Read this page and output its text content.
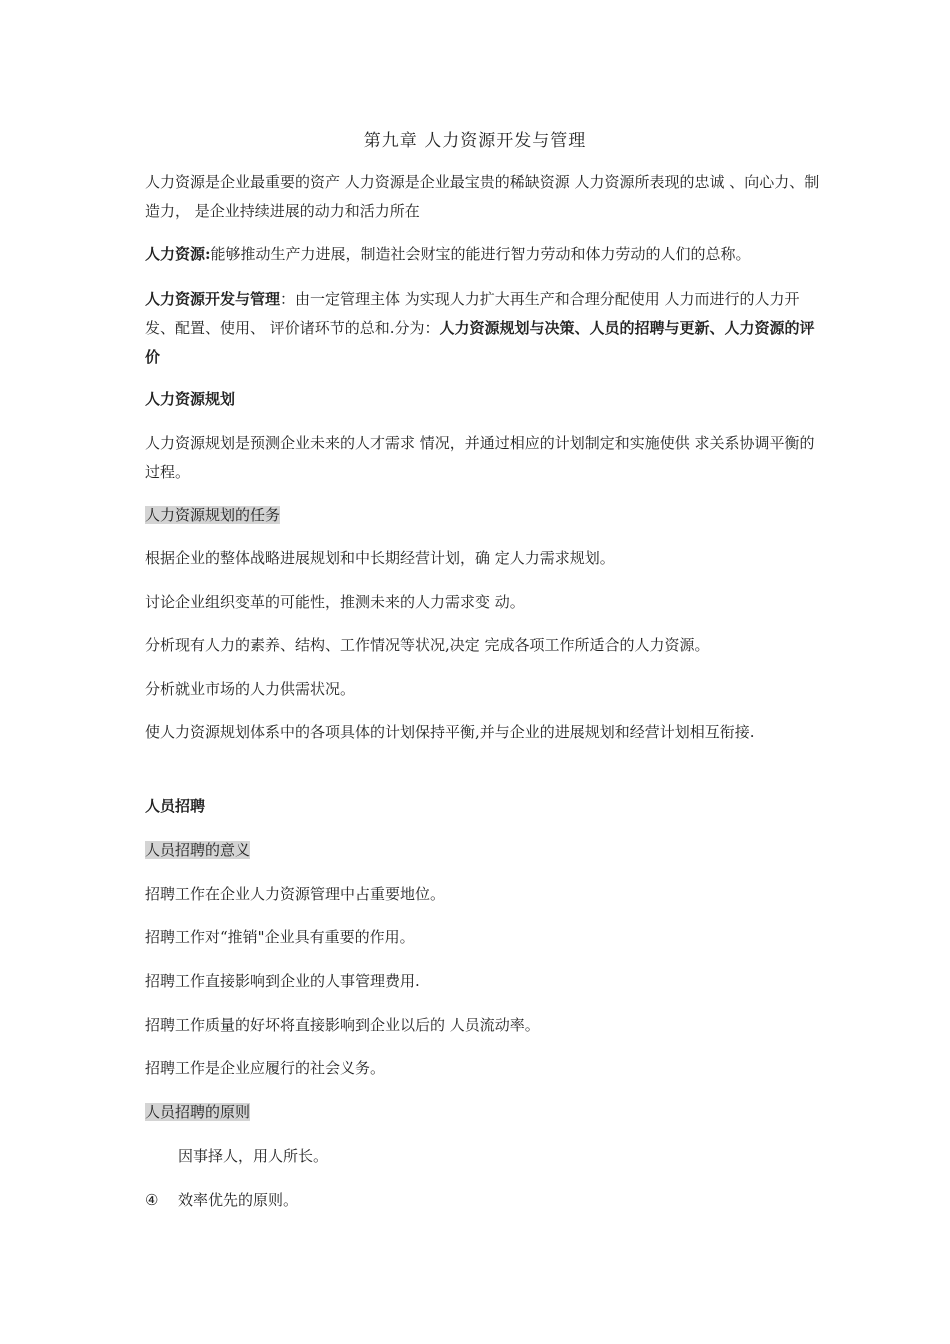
第九章 人力资源开发与管理

人力资源是企业最重要的资产 人力资源是企业最宝贵的稀缺资源 人力资源所表现的忠诚 、向心力、制造力， 是企业持续进展的动力和活力所在

人力资源:能够推动生产力进展，制造社会财宝的能进行智力劳动和体力劳动的人们的总称。

人力资源开发与管理：由一定管理主体 为实现人力扩大再生产和合理分配使用 人力而进行的人力开发、配置、使用、 评价诸环节的总和.分为：人力资源规划与决策、人员的招聘与更新、人力资源的评价

人力资源规划

人力资源规划是预测企业未来的人才需求 情况，并通过相应的计划制定和实施使供 求关系协调平衡的过程。

人力资源规划的任务

根据企业的整体战略进展规划和中长期经营计划，确 定人力需求规划。

讨论企业组织变革的可能性，推测未来的人力需求变 动。

分析现有人力的素养、结构、工作情况等状况,决定 完成各项工作所适合的人力资源。

分析就业市场的人力供需状况。

使人力资源规划体系中的各项具体的计划保持平衡,并与企业的进展规划和经营计划相互衔接.

人员招聘

人员招聘的意义

招聘工作在企业人力资源管理中占重要地位。

招聘工作对“推销"企业具有重要的作用。

招聘工作直接影响到企业的人事管理费用.

招聘工作质量的好坏将直接影响到企业以后的 人员流动率。

招聘工作是企业应履行的社会义务。

人员招聘的原则

因事择人，用人所长。

④ 效率优先的原则。
